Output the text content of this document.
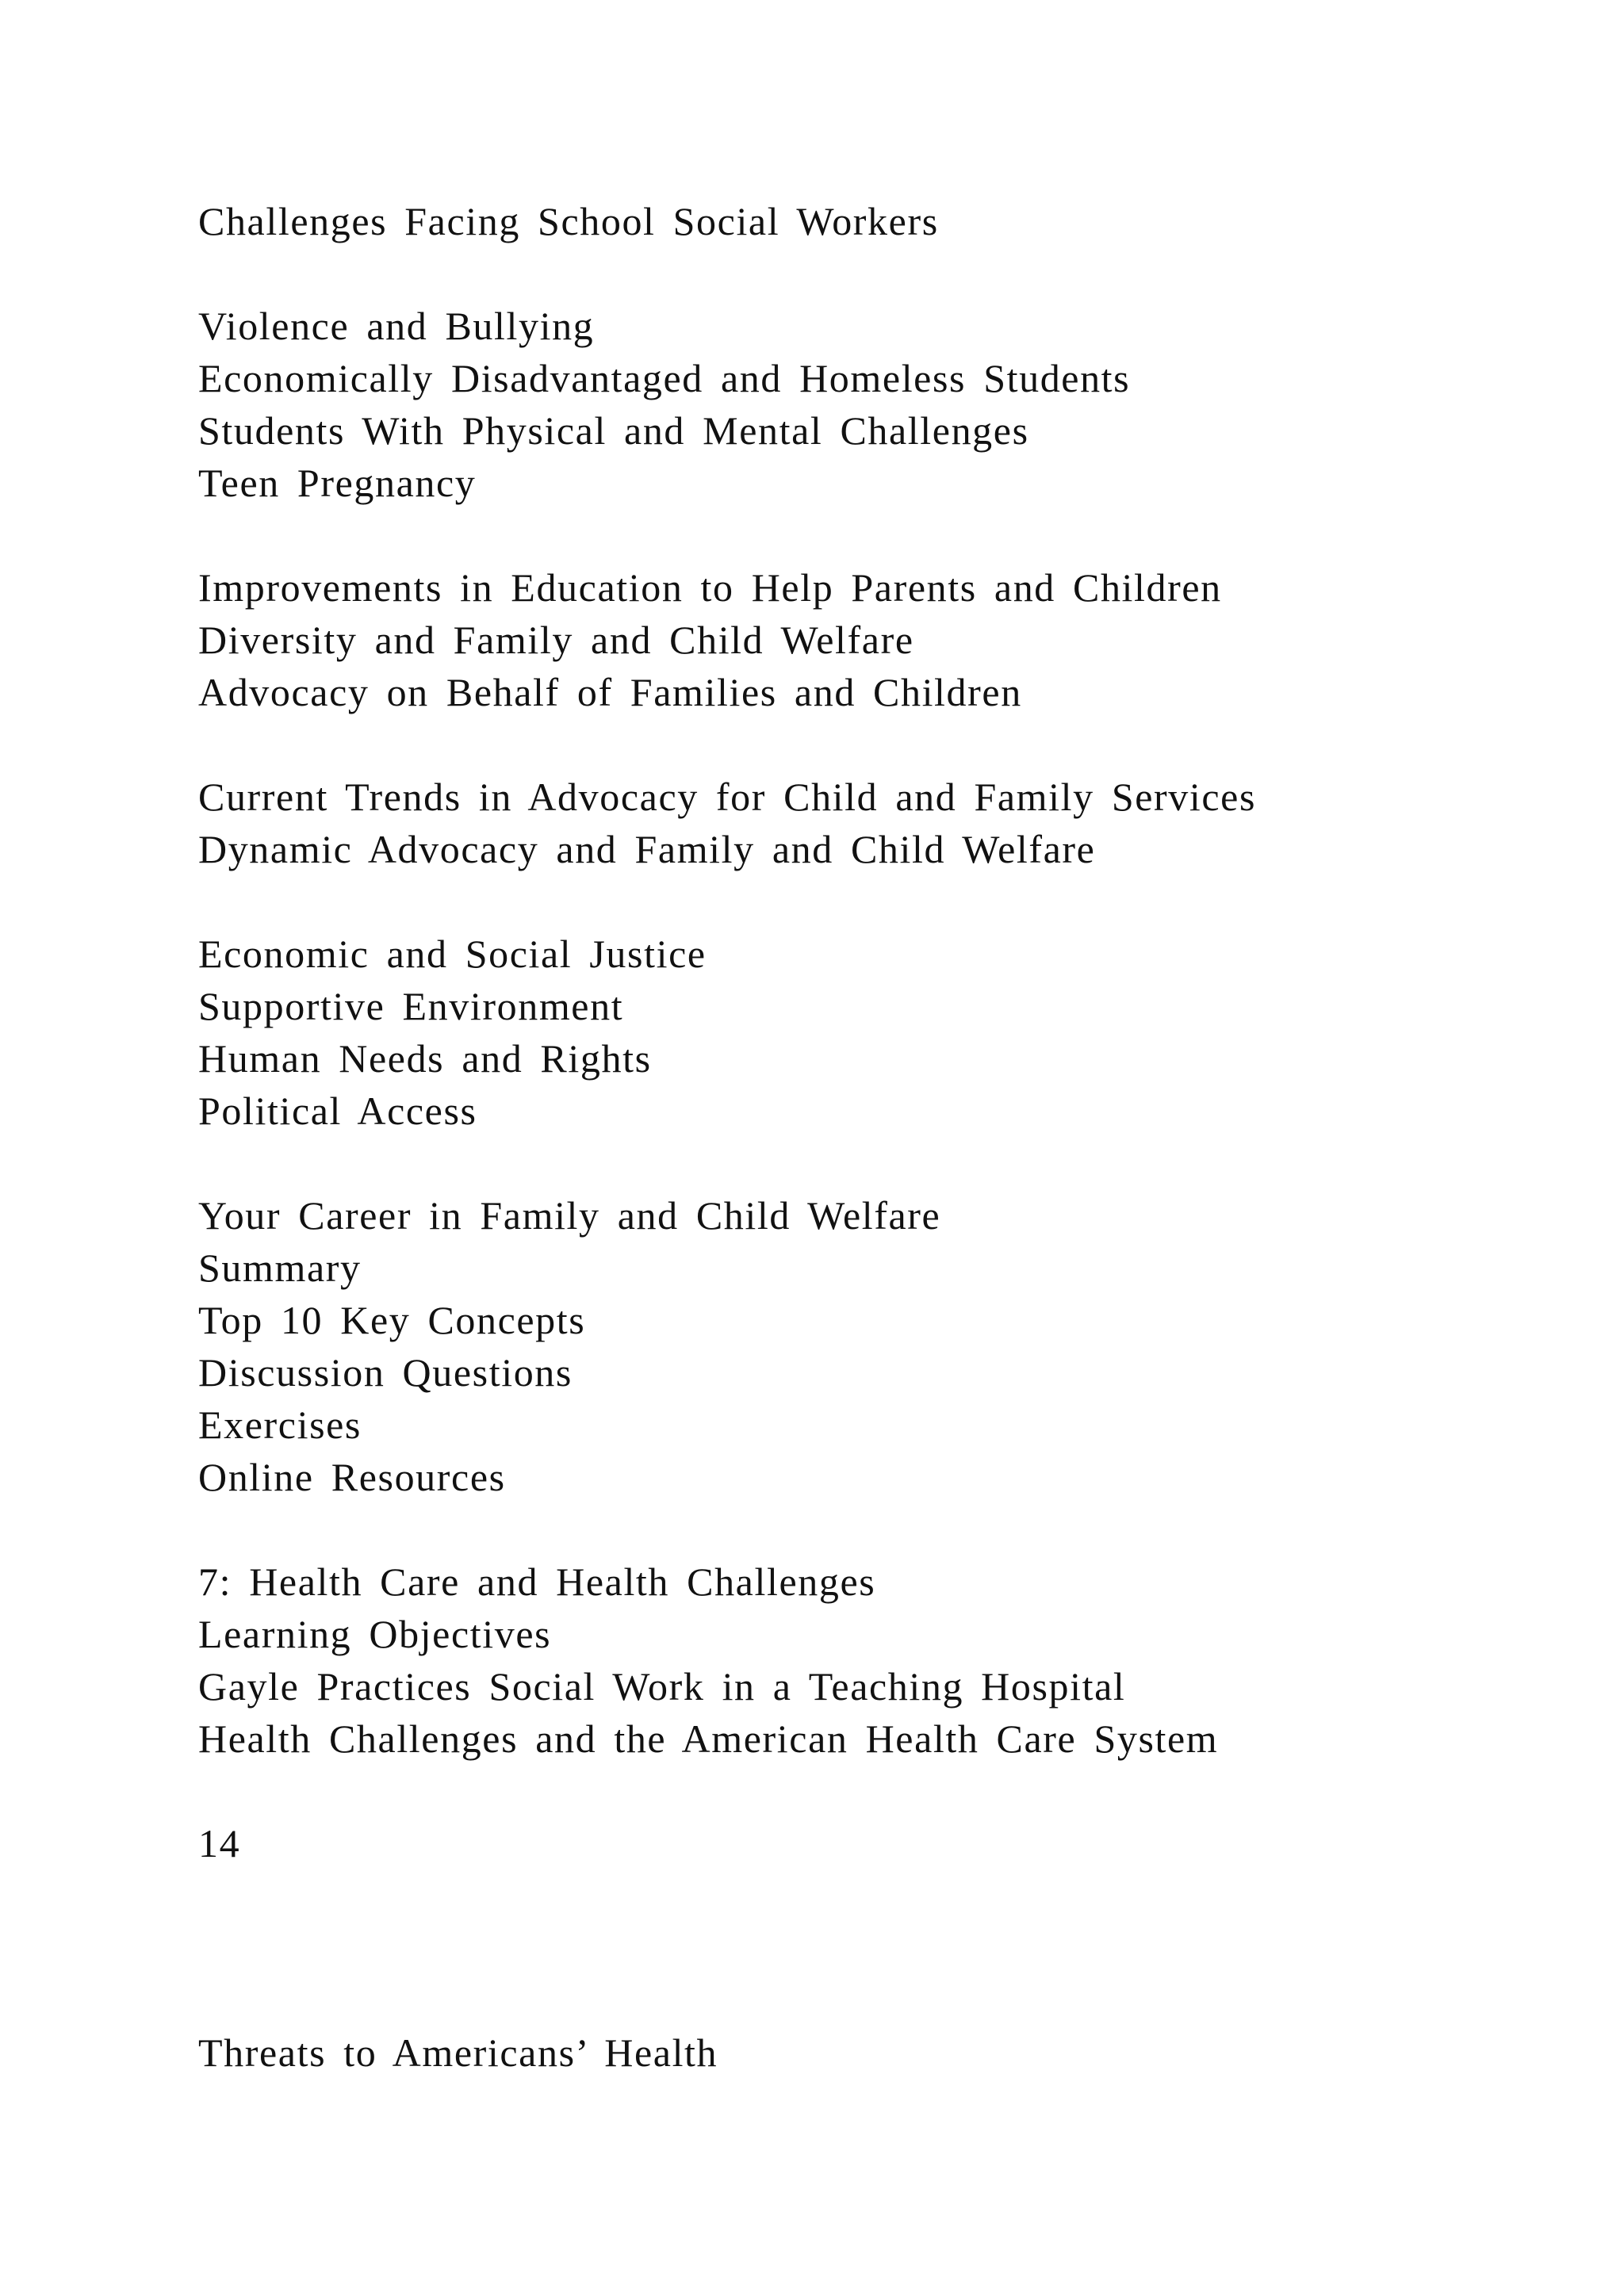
Challenges Facing School Social Workers
Violence and Bullying
Economically Disadvantaged and Homeless Students
Students With Physical and Mental Challenges
Teen Pregnancy
Improvements in Education to Help Parents and Children
Diversity and Family and Child Welfare
Advocacy on Behalf of Families and Children
Current Trends in Advocacy for Child and Family Services
Dynamic Advocacy and Family and Child Welfare
Economic and Social Justice
Supportive Environment
Human Needs and Rights
Political Access
Your Career in Family and Child Welfare
Summary
Top 10 Key Concepts
Discussion Questions
Exercises
Online Resources
7: Health Care and Health Challenges
Learning Objectives
Gayle Practices Social Work in a Teaching Hospital
Health Challenges and the American Health Care System
14
Threats to Americans’ Health
